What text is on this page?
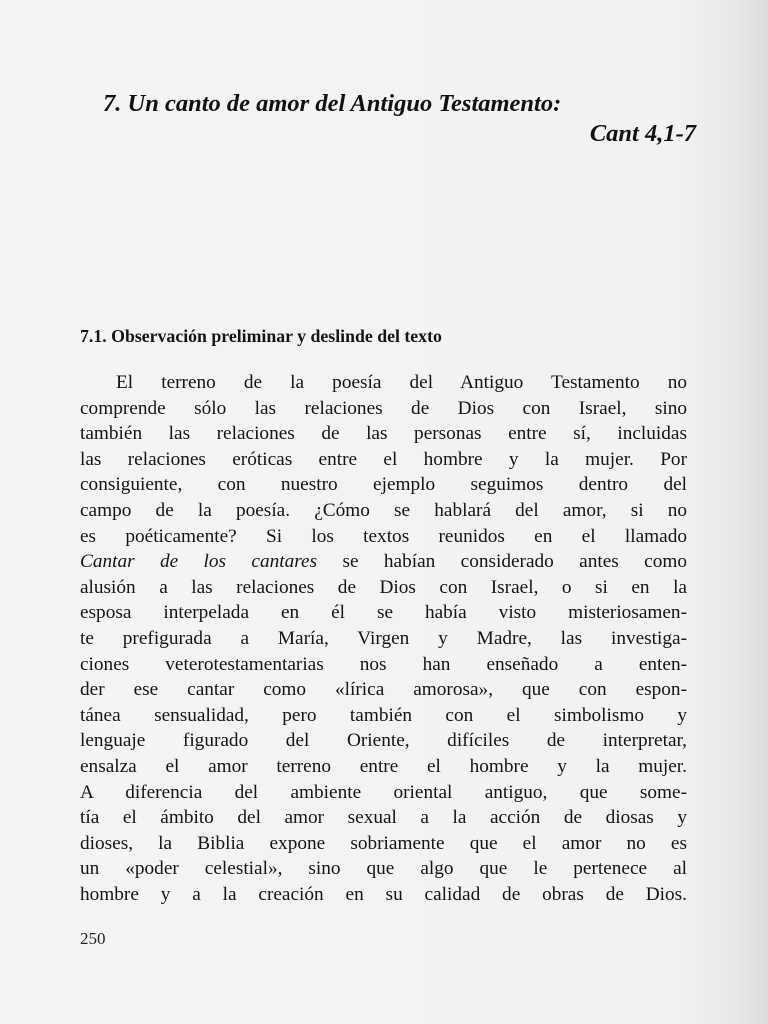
7. Un canto de amor del Antiguo Testamento:
Cant 4,1-7
7.1. Observación preliminar y deslinde del texto

El terreno de la poesía del Antiguo Testamento no
comprende sólo las relaciones de Dios con Israel, sino
también las relaciones de las personas entre sí, incluidas
las relaciones eróticas entre el hombre y la mujer. Por
consiguiente, con nuestro ejemplo seguimos dentro del
campo de la poesía. ¿Cómo se hablará del amor, si no
es poéticamente? Si los textos reunidos en el llamado
Cantar de los cantares se habían considerado antes como
alusión a las relaciones de Dios con Israel, o si en la
esposa interpelada en él se había visto misteriosamen-
te prefigurada a María, Virgen y Madre, las investiga-
ciones veterotestamentarias nos han enseñado a enten-
der ese cantar como «lírica amorosa», que con espon-
tánea sensualidad, pero también con el simbolismo y
lenguaje figurado del Oriente, difíciles de interpretar,
ensalza el amor terreno entre el hombre y la mujer.
A diferencia del ambiente oriental antiguo, que some-
tía el ámbito del amor sexual a la acción de diosas y
dioses, la Biblia expone sobriamente que el amor no es
un «poder celestial», sino que algo que le pertenece al
hombre y a la creación en su calidad de obras de Dios.

250
